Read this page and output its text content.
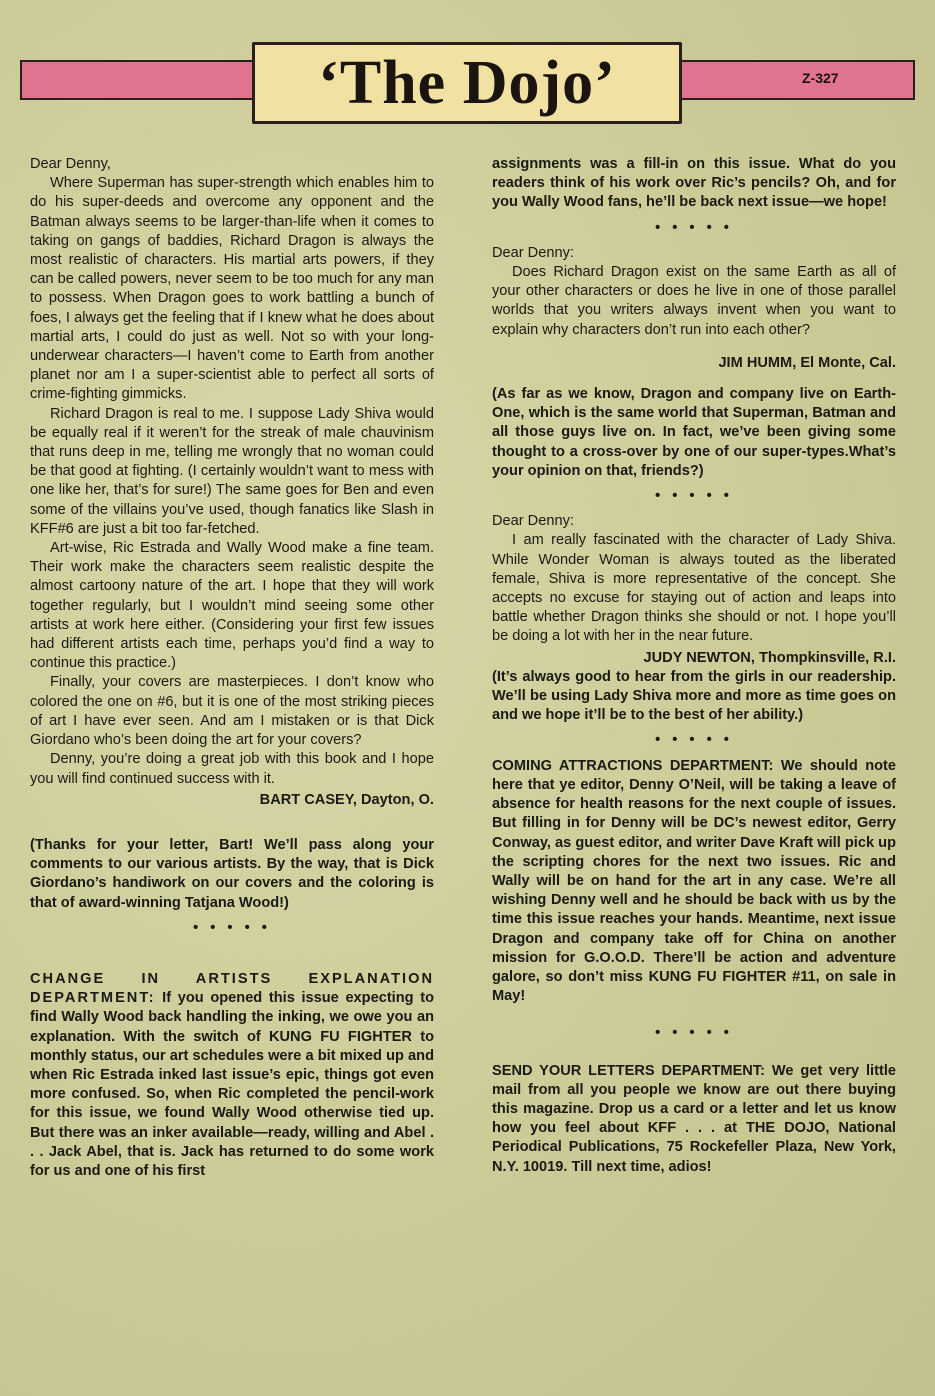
‘The Dojo’	Z-327

Dear Denny,

Where Superman has super-strength which enables him to do his super-deeds and overcome any opponent and the Batman always seems to be larger-than-life when it comes to taking on gangs of baddies, Richard Dragon is always the most realistic of characters. His martial arts powers, if they can be called powers, never seem to be too much for any man to possess. When Dragon goes to work battling a bunch of foes, I always get the feeling that if I knew what he does about martial arts, I could do just as well. Not so with your long-underwear characters—I haven’t come to Earth from another planet nor am I a super-scientist able to perfect all sorts of crime-fighting gimmicks.

Richard Dragon is real to me. I suppose Lady Shiva would be equally real if it weren’t for the streak of male chauvinism that runs deep in me, telling me wrongly that no woman could be that good at fighting. (I certainly wouldn’t want to mess with one like her, that’s for sure!) The same goes for Ben and even some of the villains you’ve used, though fanatics like Slash in KFF#6 are just a bit too far-fetched.

Art-wise, Ric Estrada and Wally Wood make a fine team. Their work make the characters seem realistic despite the almost cartoony nature of the art. I hope that they will work together regularly, but I wouldn’t mind seeing some other artists at work here either. (Considering your first few issues had different artists each time, perhaps you’d find a way to continue this practice.)

Finally, your covers are masterpieces. I don’t know who colored the one on #6, but it is one of the most striking pieces of art I have ever seen. And am I mistaken or is that Dick Giordano who’s been doing the art for your covers?

Denny, you’re doing a great job with this book and I hope you will find continued success with it.

BART CASEY, Dayton, O.

(Thanks for your letter, Bart! We’ll pass along your comments to our various artists. By the way, that is Dick Giordano’s handiwork on our covers and the coloring is that of award-winning Tatjana Wood!)

• • • • •

CHANGE IN ARTISTS EXPLANATION DEPARTMENT: If you opened this issue expecting to find Wally Wood back handling the inking, we owe you an explanation. With the switch of KUNG FU FIGHTER to monthly status, our art schedules were a bit mixed up and when Ric Estrada inked last issue’s epic, things got even more confused. So, when Ric completed the pencil-work for this issue, we found Wally Wood otherwise tied up. But there was an inker available—ready, willing and Abel . . . Jack Abel, that is. Jack has returned to do some work for us and one of his first

assignments was a fill-in on this issue. What do you readers think of his work over Ric’s pencils? Oh, and for you Wally Wood fans, he’ll be back next issue—we hope!

• • • • •

Dear Denny:

Does Richard Dragon exist on the same Earth as all of your other characters or does he live in one of those parallel worlds that you writers always invent when you want to explain why characters don’t run into each other?

JIM HUMM, El Monte, Cal.

(As far as we know, Dragon and company live on Earth-One, which is the same world that Superman, Batman and all those guys live on. In fact, we’ve been giving some thought to a cross-over by one of our super-types.What’s your opinion on that, friends?)

• • • • •

Dear Denny:

I am really fascinated with the character of Lady Shiva. While Wonder Woman is always touted as the liberated female, Shiva is more representative of the concept. She accepts no excuse for staying out of action and leaps into battle whether Dragon thinks she should or not. I hope you’ll be doing a lot with her in the near future.

JUDY NEWTON, Thompkinsville, R.I.

(It’s always good to hear from the girls in our readership. We’ll be using Lady Shiva more and more as time goes on and we hope it’ll be to the best of her ability.)

• • • • •

COMING ATTRACTIONS DEPARTMENT: We should note here that ye editor, Denny O’Neil, will be taking a leave of absence for health reasons for the next couple of issues. But filling in for Denny will be DC’s newest editor, Gerry Conway, as guest editor, and writer Dave Kraft will pick up the scripting chores for the next two issues. Ric and Wally will be on hand for the art in any case. We’re all wishing Denny well and he should be back with us by the time this issue reaches your hands. Meantime, next issue Dragon and company take off for China on another mission for G.O.O.D. There’ll be action and adventure galore, so don’t miss KUNG FU FIGHTER #11, on sale in May!

• • • • •

SEND YOUR LETTERS DEPARTMENT: We get very little mail from all you people we know are out there buying this magazine. Drop us a card or a letter and let us know how you feel about KFF . . . at THE DOJO, National Periodical Publications, 75 Rockefeller Plaza, New York, N.Y. 10019. Till next time, adios!
